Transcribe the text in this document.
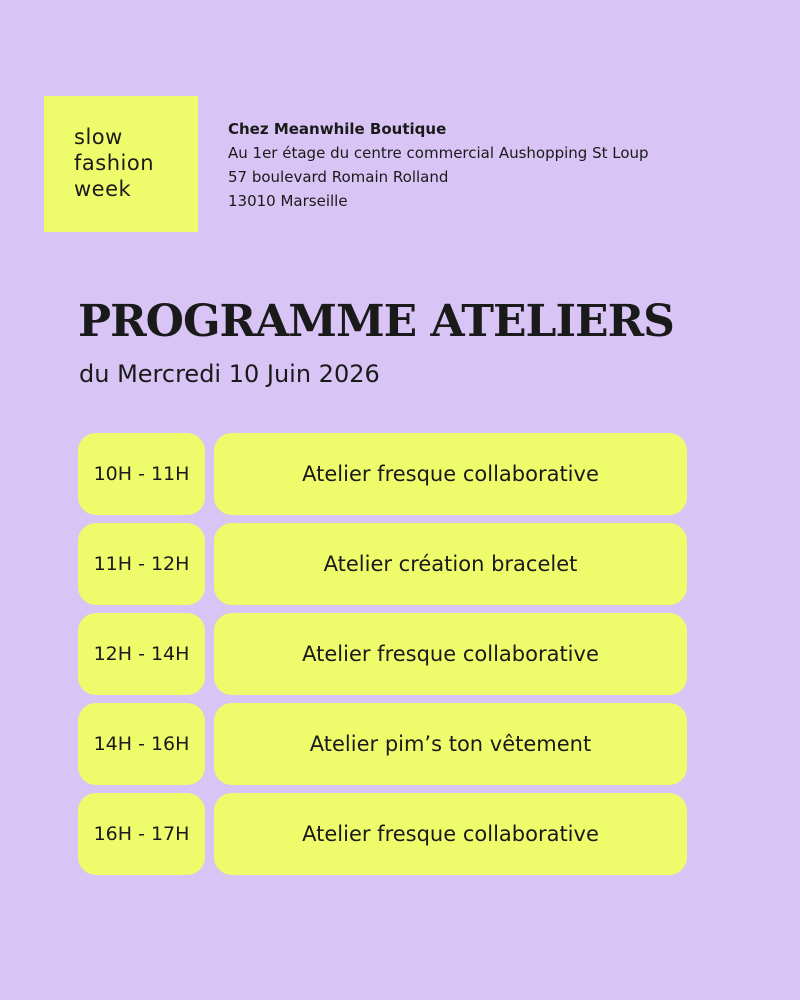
slow
fashion
week
Chez Meanwhile Boutique
Au 1er étage du centre commercial Aushopping St Loup
57 boulevard Romain Rolland
13010 Marseille
PROGRAMME ATELIERS

du Mercredi 10 Juin 2026

10H - 11H	Atelier fresque collaborative
11H - 12H	Atelier création bracelet
12H - 14H	Atelier fresque collaborative
14H - 16H	Atelier pim’s ton vêtement
16H - 17H	Atelier fresque collaborative
